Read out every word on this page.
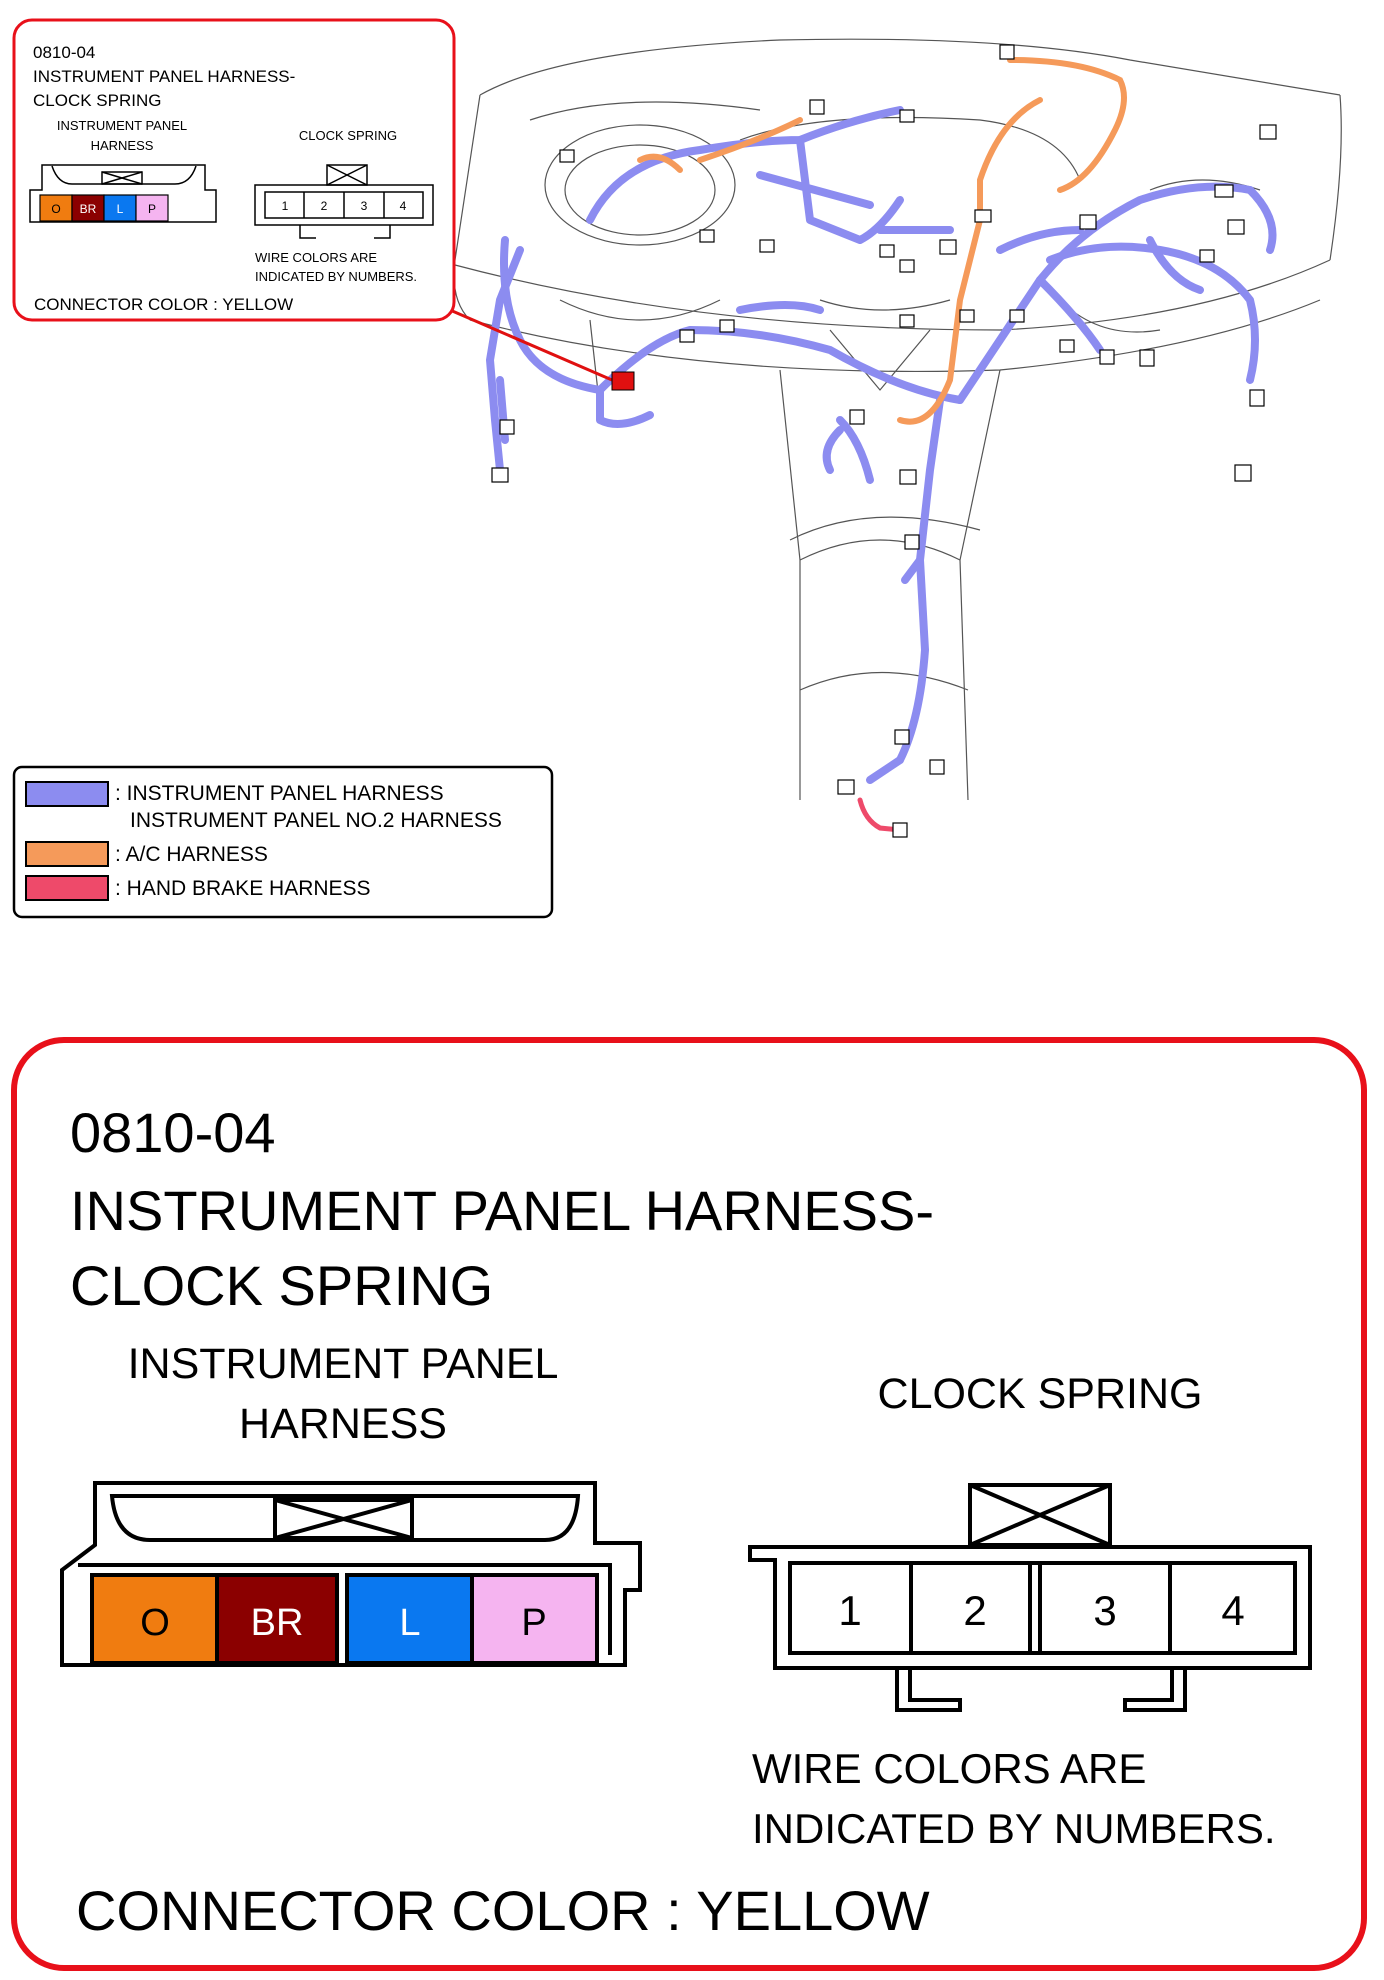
0810-04
INSTRUMENT PANEL HARNESS-
CLOCK SPRING
INSTRUMENT PANEL
HARNESS
CLOCK SPRING
O BR L P	1	2	3	4
WIRE COLORS ARE
INDICATED BY NUMBERS.
CONNECTOR COLOR : YELLOW
: INSTRUMENT PANEL HARNESS
INSTRUMENT PANEL NO.2 HARNESS
: A/C HARNESS
: HAND BRAKE HARNESS
0810-04
INSTRUMENT PANEL HARNESS-
CLOCK SPRING
INSTRUMENT PANEL
HARNESS
CLOCK SPRING
O BR	L	P	1 2	3 4
WIRE COLORS ARE
INDICATED BY NUMBERS.
CONNECTOR COLOR : YELLOW
